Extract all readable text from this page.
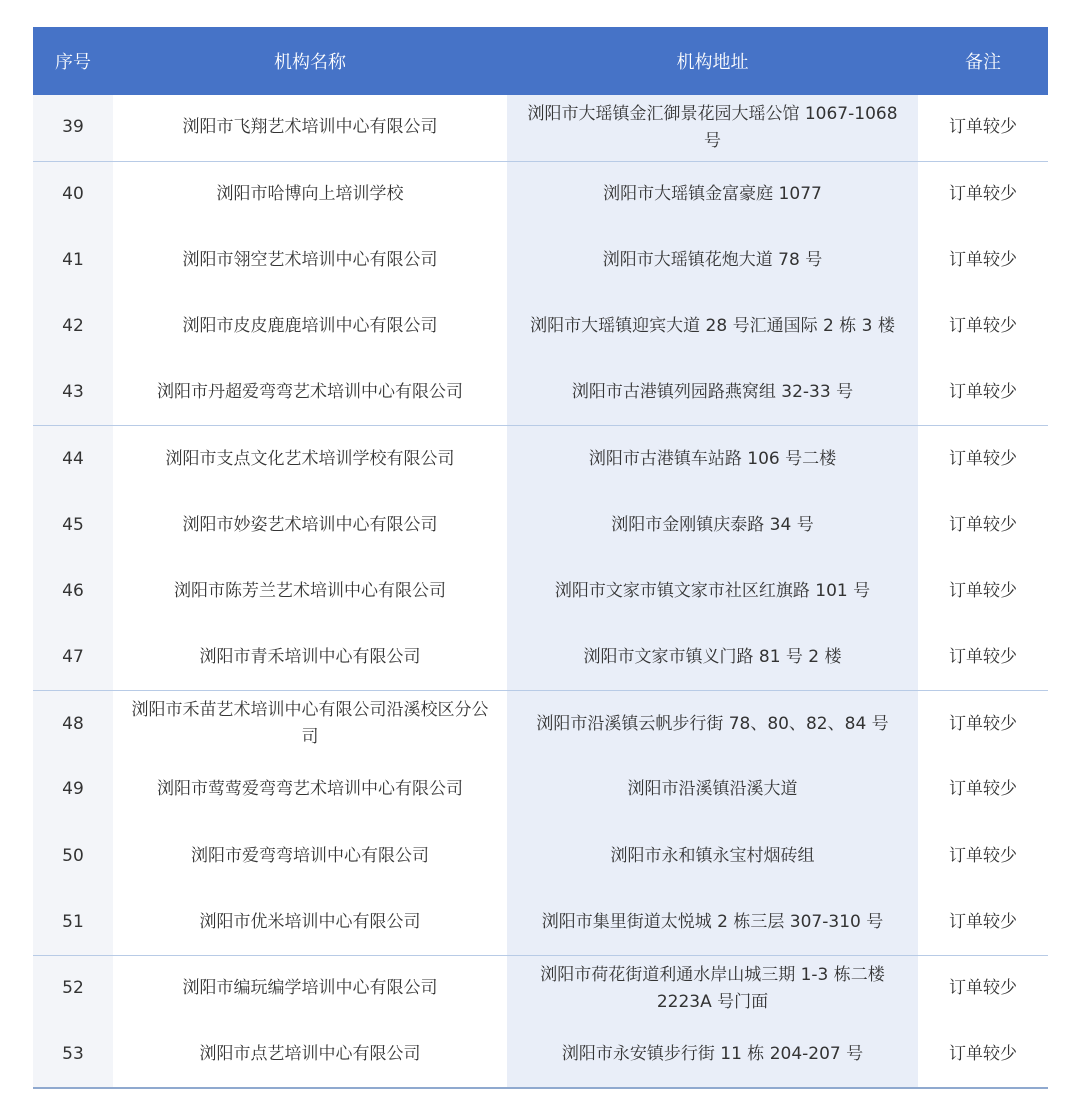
序号	机构名称	机构地址	备注
39	浏阳市飞翔艺术培训中心有限公司	浏阳市大瑶镇金汇御景花园大瑶公馆 1067-1068 号	订单较少
40	浏阳市哈博向上培训学校	浏阳市大瑶镇金富豪庭 1077	订单较少
41	浏阳市翎空艺术培训中心有限公司	浏阳市大瑶镇花炮大道 78 号	订单较少
42	浏阳市皮皮鹿鹿培训中心有限公司	浏阳市大瑶镇迎宾大道 28 号汇通国际 2 栋 3 楼	订单较少
43	浏阳市丹超爱弯弯艺术培训中心有限公司	浏阳市古港镇列园路燕窝组 32-33 号	订单较少
44	浏阳市支点文化艺术培训学校有限公司	浏阳市古港镇车站路 106 号二楼	订单较少
45	浏阳市妙姿艺术培训中心有限公司	浏阳市金刚镇庆泰路 34 号	订单较少
46	浏阳市陈芳兰艺术培训中心有限公司	浏阳市文家市镇文家市社区红旗路 101 号	订单较少
47	浏阳市青禾培训中心有限公司	浏阳市文家市镇义门路 81 号 2 楼	订单较少
48	浏阳市禾苗艺术培训中心有限公司沿溪校区分公司	浏阳市沿溪镇云帆步行街 78、80、82、84 号	订单较少
49	浏阳市莺莺爱弯弯艺术培训中心有限公司	浏阳市沿溪镇沿溪大道	订单较少
50	浏阳市爱弯弯培训中心有限公司	浏阳市永和镇永宝村烟砖组	订单较少
51	浏阳市优米培训中心有限公司	浏阳市集里街道太悦城 2 栋三层 307-310 号	订单较少
52	浏阳市编玩编学培训中心有限公司	浏阳市荷花街道利通水岸山城三期 1-3 栋二楼 2223A 号门面	订单较少
53	浏阳市点艺培训中心有限公司	浏阳市永安镇步行街 11 栋 204-207 号	订单较少
